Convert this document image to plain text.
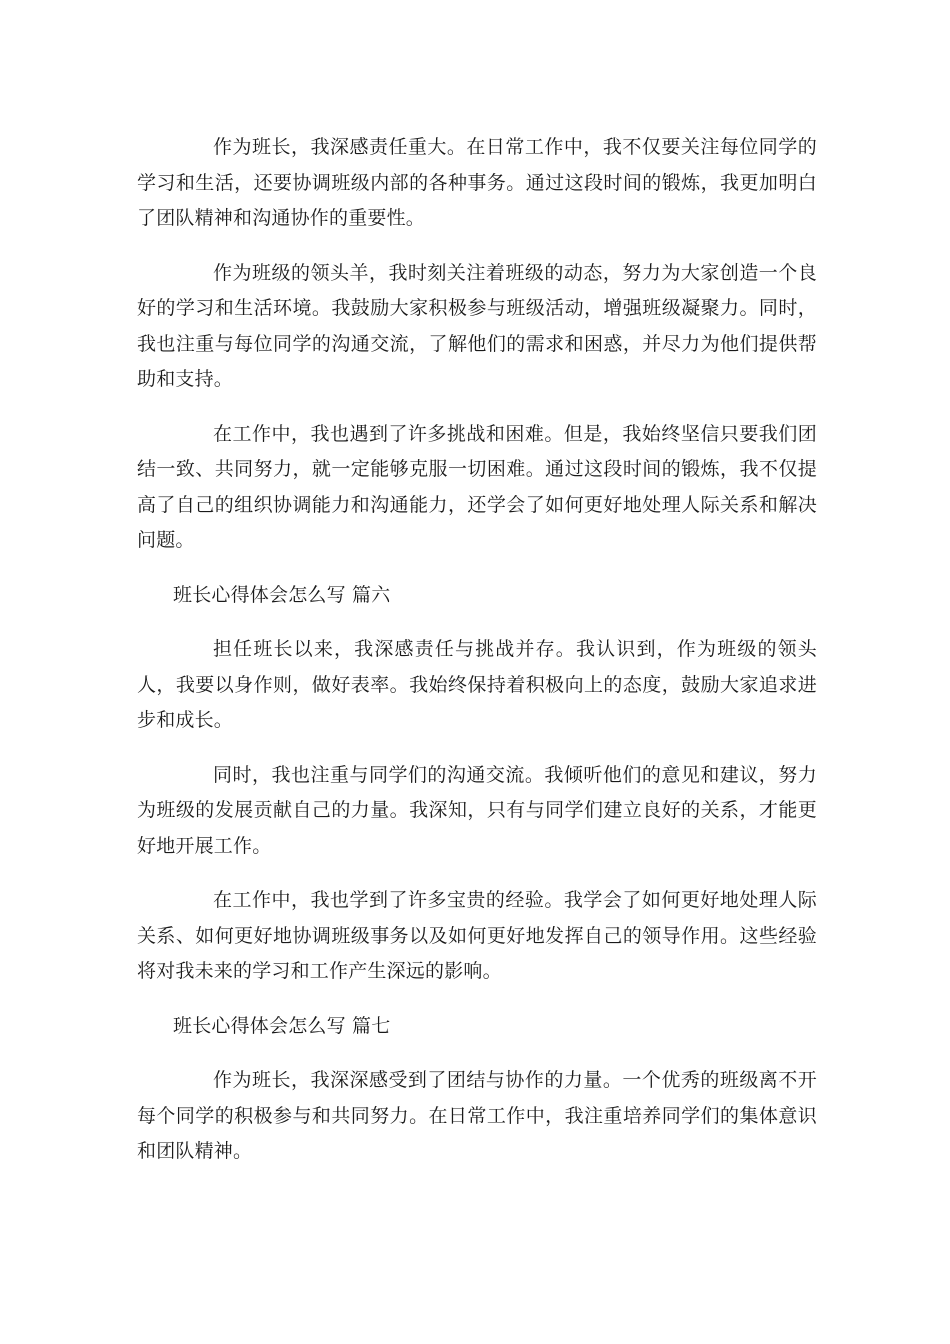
作为班长，我深感责任重大。在日常工作中，我不仅要关注每位同学的学习和生活，还要协调班级内部的各种事务。通过这段时间的锻炼，我更加明白了团队精神和沟通协作的重要性。

作为班级的领头羊，我时刻关注着班级的动态，努力为大家创造一个良好的学习和生活环境。我鼓励大家积极参与班级活动，增强班级凝聚力。同时，我也注重与每位同学的沟通交流，了解他们的需求和困惑，并尽力为他们提供帮助和支持。

在工作中，我也遇到了许多挑战和困难。但是，我始终坚信只要我们团结一致、共同努力，就一定能够克服一切困难。通过这段时间的锻炼，我不仅提高了自己的组织协调能力和沟通能力，还学会了如何更好地处理人际关系和解决问题。

班长心得体会怎么写 篇六

担任班长以来，我深感责任与挑战并存。我认识到，作为班级的领头人，我要以身作则，做好表率。我始终保持着积极向上的态度，鼓励大家追求进步和成长。

同时，我也注重与同学们的沟通交流。我倾听他们的意见和建议，努力为班级的发展贡献自己的力量。我深知，只有与同学们建立良好的关系，才能更好地开展工作。

在工作中，我也学到了许多宝贵的经验。我学会了如何更好地处理人际关系、如何更好地协调班级事务以及如何更好地发挥自己的领导作用。这些经验将对我未来的学习和工作产生深远的影响。

班长心得体会怎么写 篇七

作为班长，我深深感受到了团结与协作的力量。一个优秀的班级离不开每个同学的积极参与和共同努力。在日常工作中，我注重培养同学们的集体意识和团队精神。
